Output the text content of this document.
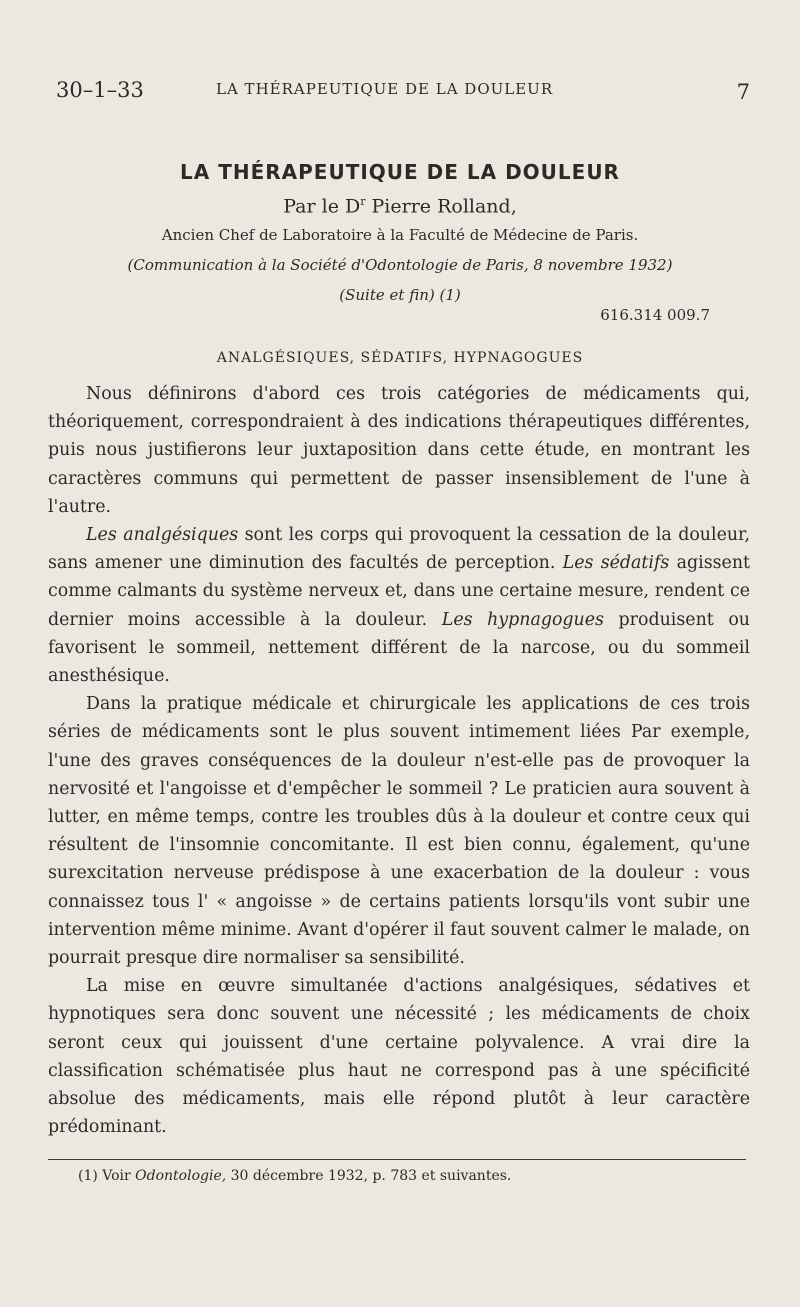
30–1–33	LA THÉRAPEUTIQUE DE LA DOULEUR	7
LA THÉRAPEUTIQUE DE LA DOULEUR
Par le $D^r$ Pierre Rolland,
Ancien Chef de Laboratoire à la Faculté de Médecine de Paris.
(Communication à la Société d'Odontologie de Paris, 8 novembre 1932)
(Suite et fin) (1)
616.314 009.7
ANALGÉSIQUES, SÉDATIFS, HYPNAGOGUES

Nous définirons d'abord ces trois catégories de médicaments qui, théoriquement, correspondraient à des indications thérapeutiques différentes, puis nous justifierons leur juxtaposition dans cette étude, en montrant les caractères communs qui permettent de passer insensiblement de l'une à l'autre.

Les analgésiques sont les corps qui provoquent la cessation de la douleur, sans amener une diminution des facultés de perception. Les sédatifs agissent comme calmants du système nerveux et, dans une certaine mesure, rendent ce dernier moins accessible à la douleur. Les hypnagogues produisent ou favorisent le sommeil, nettement différent de la narcose, ou du sommeil anesthésique.

Dans la pratique médicale et chirurgicale les applications de ces trois séries de médicaments sont le plus souvent intimement liées Par exemple, l'une des graves conséquences de la douleur n'est-elle pas de provoquer la nervosité et l'angoisse et d'empêcher le sommeil ? Le praticien aura souvent à lutter, en même temps, contre les troubles dûs à la douleur et contre ceux qui résultent de l'insomnie concomitante. Il est bien connu, également, qu'une surexcitation nerveuse prédispose à une exacerbation de la douleur : vous connaissez tous l' « angoisse » de certains patients lorsqu'ils vont subir une intervention même minime. Avant d'opérer il faut souvent calmer le malade, on pourrait presque dire normaliser sa sensibilité.

La mise en œuvre simultanée d'actions analgésiques, sédatives et hypnotiques sera donc souvent une nécessité ; les médicaments de choix seront ceux qui jouissent d'une certaine polyvalence. A vrai dire la classification schématisée plus haut ne correspond pas à une spécificité absolue des médicaments, mais elle répond plutôt à leur caractère prédominant.

(1) Voir Odontologie, 30 décembre 1932, p. 783 et suivantes.
